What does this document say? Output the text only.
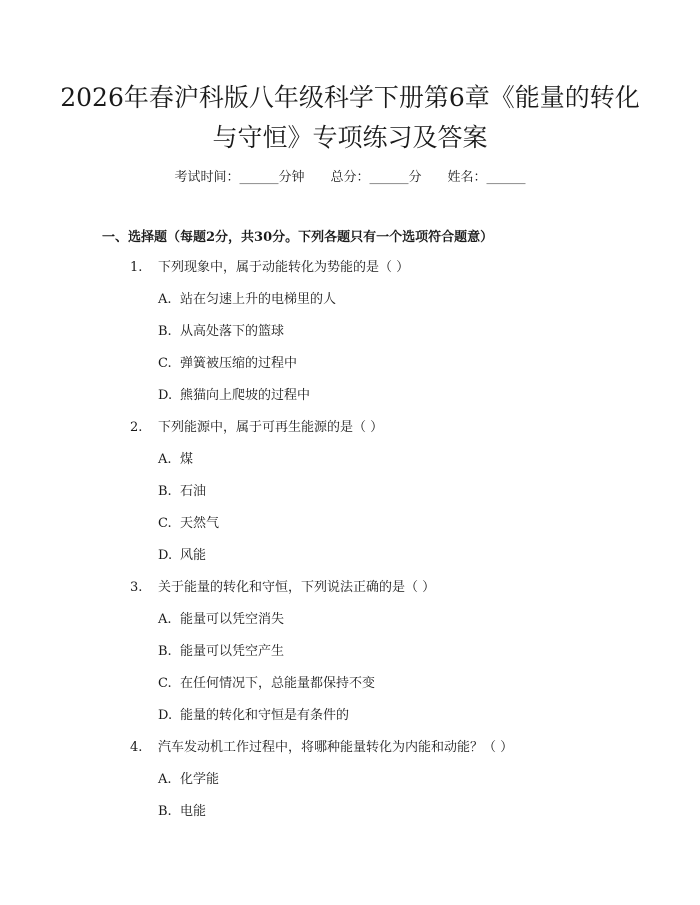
2026年春沪科版八年级科学下册第6章《能量的转化与守恒》专项练习及答案
考试时间：______分钟 总分：______分 姓名：______
一、选择题（每题2分，共30分。下列各题只有一个选项符合题意）
1. 下列现象中，属于动能转化为势能的是（ ）
A. 站在匀速上升的电梯里的人
B. 从高处落下的篮球
C. 弹簧被压缩的过程中
D. 熊猫向上爬坡的过程中
2. 下列能源中，属于可再生能源的是（ ）
A. 煤
B. 石油
C. 天然气
D. 风能
3. 关于能量的转化和守恒，下列说法正确的是（ ）
A. 能量可以凭空消失
B. 能量可以凭空产生
C. 在任何情况下，总能量都保持不变
D. 能量的转化和守恒是有条件的
4. 汽车发动机工作过程中，将哪种能量转化为内能和动能？（ ）
A. 化学能
B. 电能
